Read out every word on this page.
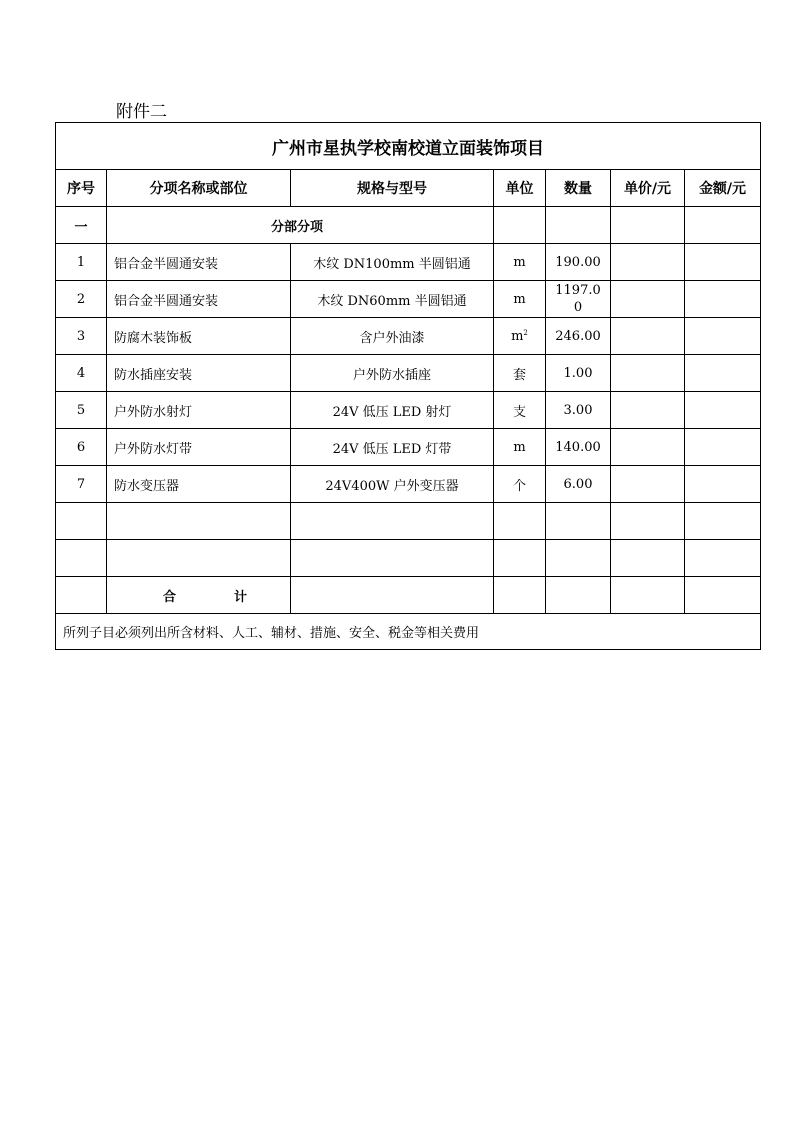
附件二
广州市星执学校南校道立面装饰项目						
序号	分项名称或部位	规格与型号	单位	数量	单价/元	金额/元
一	分部分项					
1	铝合金半圆通安装	木纹 DN100mm 半圆铝通	m	190.00		
2	铝合金半圆通安装	木纹 DN60mm 半圆铝通	m	1197.00		

3	防腐木装饰板	含户外油漆	$m^2$	246.00		
4	防水插座安装	户外防水插座	套	1.00		
5	户外防水射灯	24V 低压 LED 射灯	支	3.00		
6	户外防水灯带	24V 低压 LED 灯带	m	140.00		
7	防水变压器	24V400W 户外变压器	个	6.00		

	合 计					
所列子目必须列出所含材料、人工、辅材、措施、安全、税金等相关费用						
